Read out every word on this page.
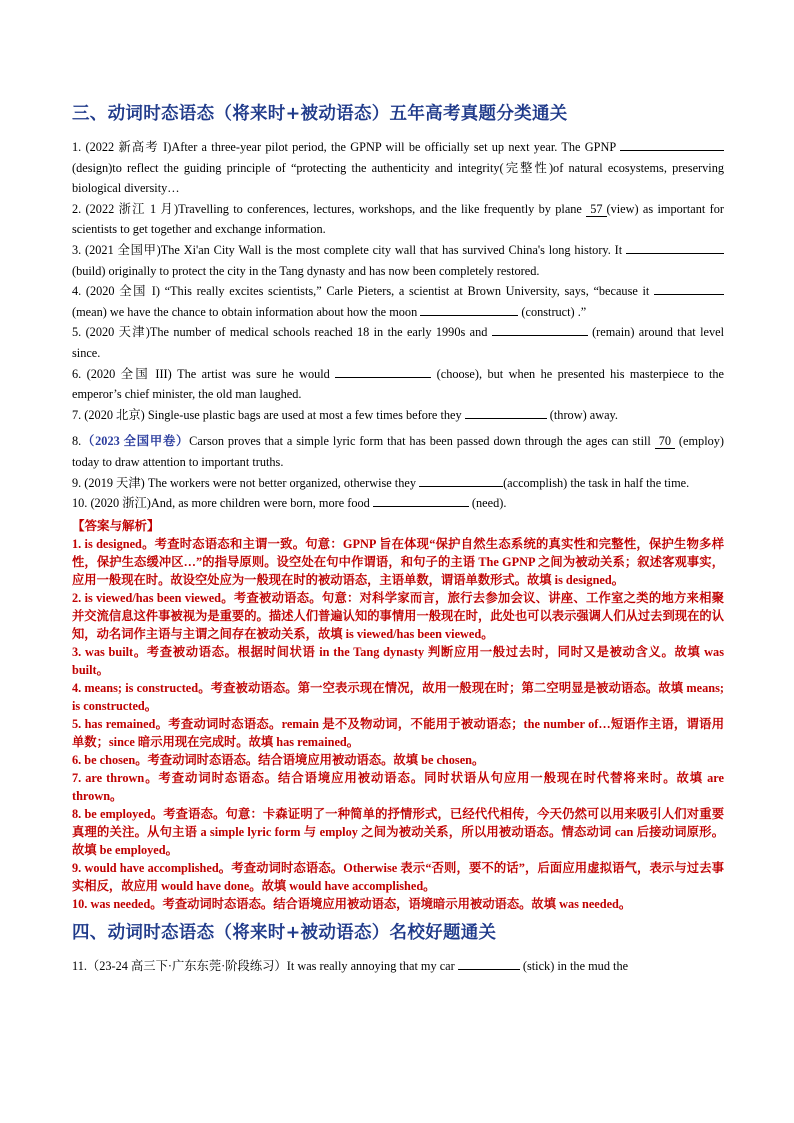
三、动词时态语态（将来时+被动语态）五年高考真题分类通关

1. (2022 新高考 I)After a three-year pilot period, the GPNP will be officially set up next year. The GPNP	(design)to reflect the guiding principle of “protecting the authenticity and integrity(完整性)of natural ecosystems, preserving biological diversity…

2. (2022 浙江 1 月)Travelling to conferences, lectures, workshops, and the like frequently by plane 57 (view) as important for scientists to get together and exchange information.

3. (2021 全国甲)The Xi'an City Wall is the most complete city wall that has survived China's long history. It	(build) originally to protect the city in the Tang dynasty and has now been completely restored.

4. (2020 全国 I) “This really excites scientists,” Carle Pieters, a scientist at Brown University, says, “because it	(mean) we have the chance to obtain information about how the moon	(construct) .”

5. (2020 天津)The number of medical schools reached 18 in the early 1990s and	(remain) around that level since.

6. (2020 全国 III) The artist was sure he would	(choose), but when he presented his masterpiece to the emperor’s chief minister, the old man laughed.

7. (2020 北京) Single-use plastic bags are used at most a few times before they	(throw) away.

8.（2023 全国甲卷）Carson proves that a simple lyric form that has been passed down through the ages can still 70 (employ) today to draw attention to important truths.

9. (2019 天津) The workers were not better organized, otherwise they	(accomplish) the task in half the time.

10. (2020 浙江)And, as more children were born, more food	(need).

【答案与解析】

1. is designed。考查时态语态和主谓一致。句意：GPNP 旨在体现“保护自然生态系统的真实性和完整性，保护生物多样性，保护生态缓冲区…”的指导原则。设空处在句中作谓语，和句子的主语 The GPNP 之间为被动关系；叙述客观事实，应用一般现在时。故设空处应为一般现在时的被动语态，主语单数，谓语单数形式。故填 is designed。

2. is viewed/has been viewed。考查被动语态。句意：对科学家而言，旅行去参加会议、讲座、工作室之类的地方来相聚并交流信息这件事被视为是重要的。描述人们普遍认知的事情用一般现在时，此处也可以表示强调人们从过去到现在的认知，动名词作主语与主谓之间存在被动关系，故填 is viewed/has been viewed。

3. was built。考查被动语态。根据时间状语 in the Tang dynasty 判断应用一般过去时，同时又是被动含义。故填 was built。

4. means; is constructed。考查被动语态。第一空表示现在情况，故用一般现在时；第二空明显是被动语态。故填 means; is constructed。

5. has remained。考查动词时态语态。remain 是不及物动词，不能用于被动语态；the number of…短语作主语，谓语用单数；since 暗示用现在完成时。故填 has remained。

6. be chosen。考查动词时态语态。结合语境应用被动语态。故填 be chosen。

7. are thrown。考查动词时态语态。结合语境应用被动语态。同时状语从句应用一般现在时代替将来时。故填 are thrown。

8. be employed。考查语态。句意：卡森证明了一种简单的抒情形式，已经代代相传，今天仍然可以用来吸引人们对重要真理的关注。从句主语 a simple lyric form 与 employ 之间为被动关系，所以用被动语态。情态动词 can 后接动词原形。故填 be employed。

9. would have accomplished。考查动词时态语态。Otherwise 表示“否则，要不的话”，后面应用虚拟语气，表示与过去事实相反，故应用 would have done。故填 would have accomplished。

10. was needed。考查动词时态语态。结合语境应用被动语态，语境暗示用被动语态。故填 was needed。

四、动词时态语态（将来时+被动语态）名校好题通关

11.（23-24 高三下·广东东莞·阶段练习）It was really annoying that my car	(stick) in the mud the
